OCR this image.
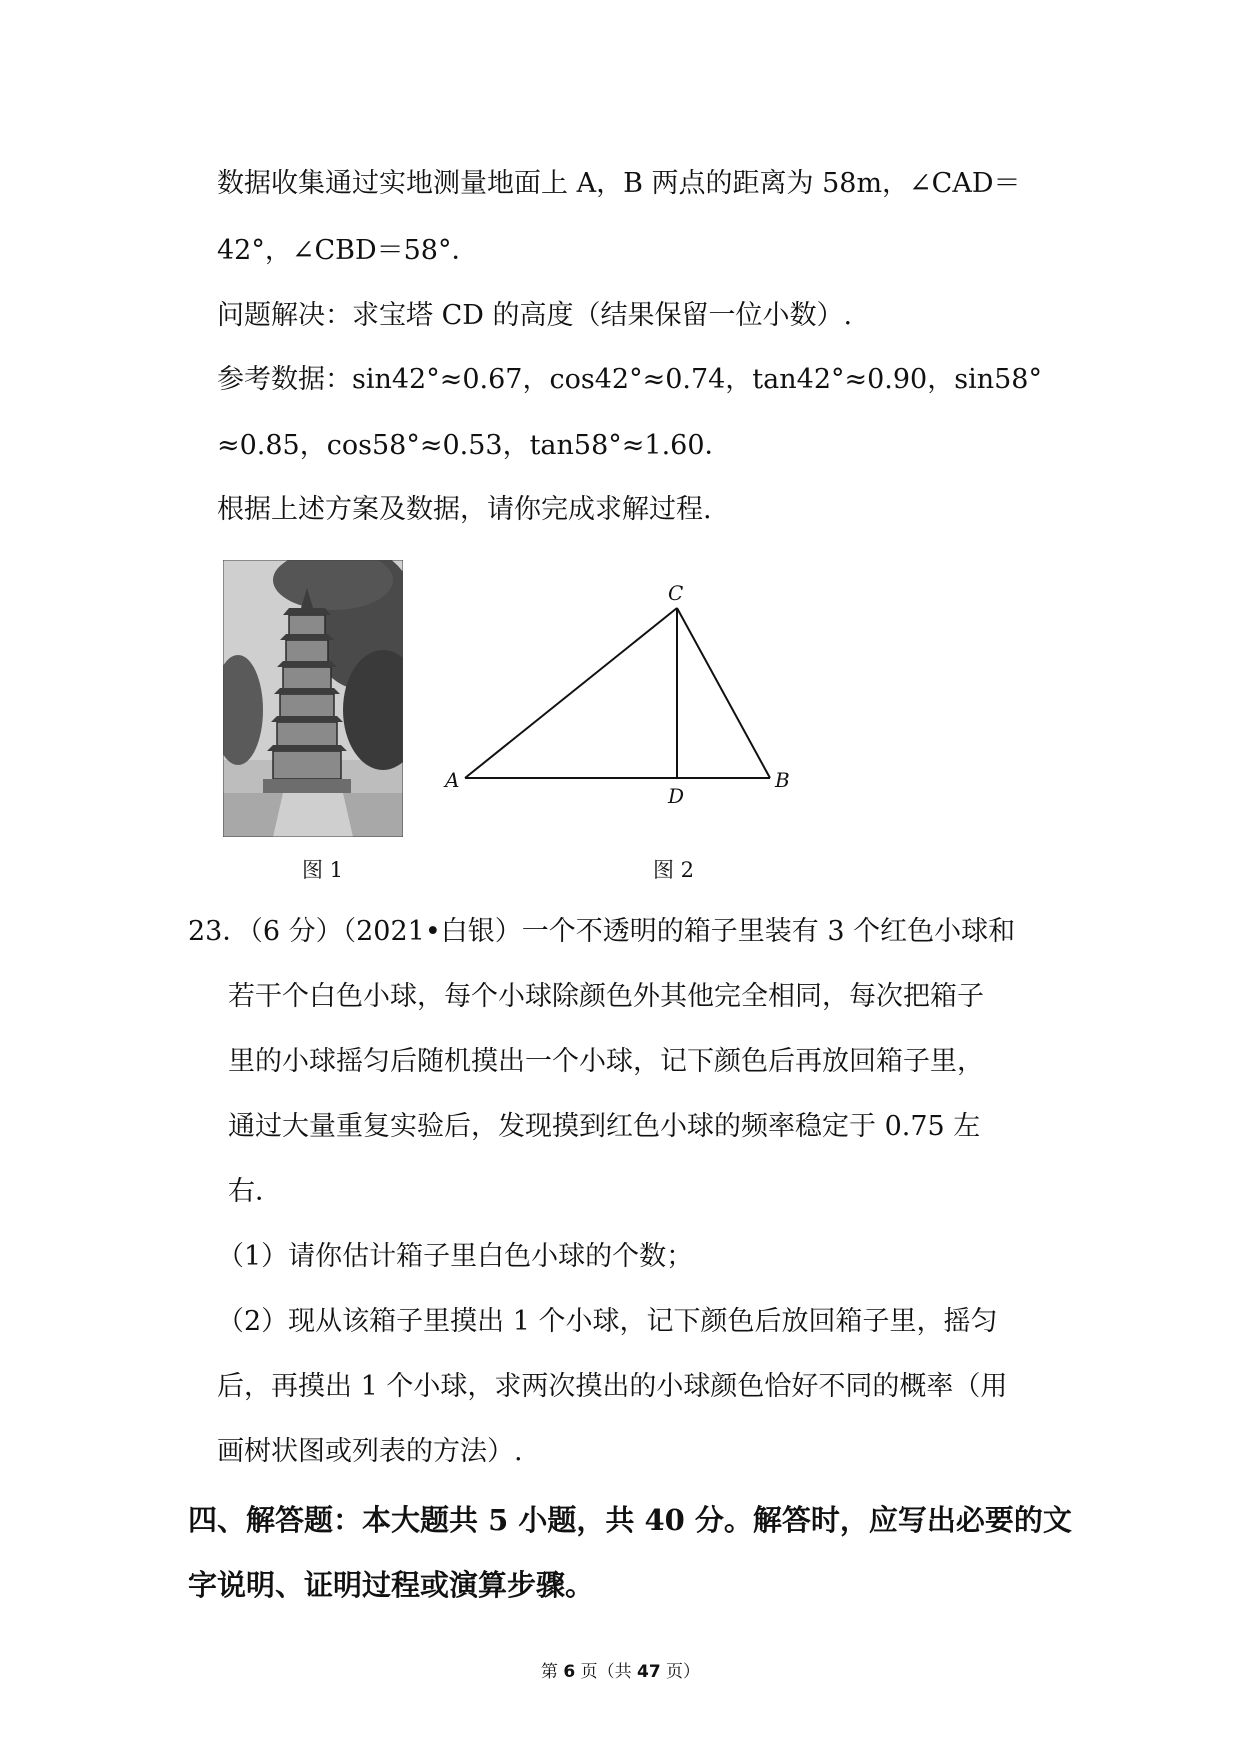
数据收集通过实地测量地面上 A，B 两点的距离为 58m，∠CAD＝
42°，∠CBD＝58°．
问题解决：求宝塔 CD 的高度（结果保留一位小数）.
参考数据：sin42°≈0.67，cos42°≈0.74，tan42°≈0.90，sin58°
≈0.85，cos58°≈0.53，tan58°≈1.60．
根据上述方案及数据，请你完成求解过程.
图 1
C
A	B
D
图 2
23．（6 分）（2021•白银）一个不透明的箱子里装有 3 个红色小球和
若干个白色小球，每个小球除颜色外其他完全相同，每次把箱子
里的小球摇匀后随机摸出一个小球，记下颜色后再放回箱子里，
通过大量重复实验后，发现摸到红色小球的频率稳定于 0.75 左
右．
（1）请你估计箱子里白色小球的个数；
（2）现从该箱子里摸出 1 个小球，记下颜色后放回箱子里，摇匀
后，再摸出 1 个小球，求两次摸出的小球颜色恰好不同的概率（用
画树状图或列表的方法）.
四、解答题：本大题共 5 小题，共 40 分。解答时，应写出必要的文
字说明、证明过程或演算步骤。
第 6 页（共 47 页）
